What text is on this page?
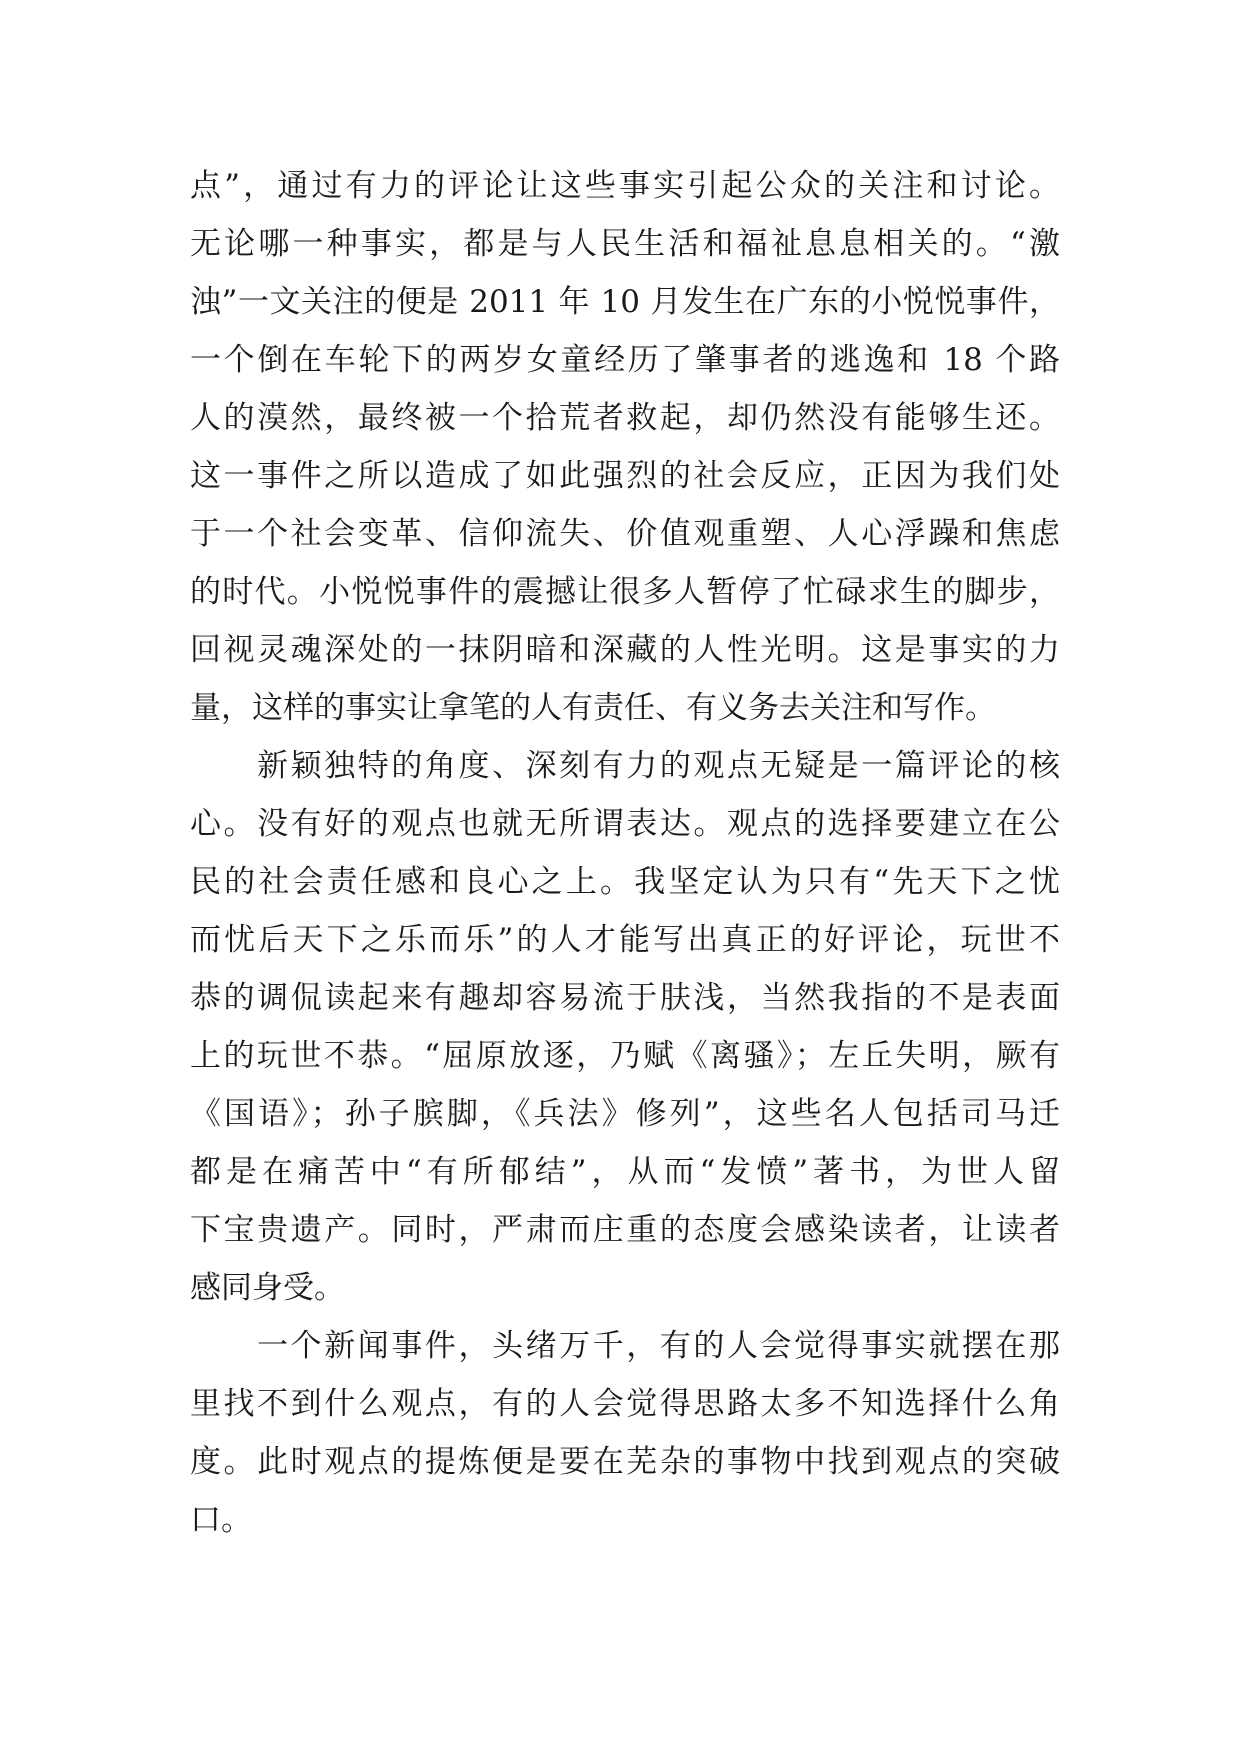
点”，通过有力的评论让这些事实引起公众的关注和讨论。
无论哪一种事实，都是与人民生活和福祉息息相关的。“激
浊”一文关注的便是 2011 年 10 月发生在广东的小悦悦事件，
一个倒在车轮下的两岁女童经历了肇事者的逃逸和 18 个路
人的漠然，最终被一个拾荒者救起，却仍然没有能够生还。
这一事件之所以造成了如此强烈的社会反应，正因为我们处
于一个社会变革、信仰流失、价值观重塑、人心浮躁和焦虑
的时代。小悦悦事件的震撼让很多人暂停了忙碌求生的脚步，
回视灵魂深处的一抹阴暗和深藏的人性光明。这是事实的力
量，这样的事实让拿笔的人有责任、有义务去关注和写作。
　　新颖独特的角度、深刻有力的观点无疑是一篇评论的核
心。没有好的观点也就无所谓表达。观点的选择要建立在公
民的社会责任感和良心之上。我坚定认为只有“先天下之忧
而忧后天下之乐而乐”的人才能写出真正的好评论，玩世不
恭的调侃读起来有趣却容易流于肤浅，当然我指的不是表面
上的玩世不恭。“屈原放逐，乃赋《离骚》；左丘失明，厥有
《国语》；孙子膑脚，《兵法》修列”，这些名人包括司马迁
都是在痛苦中“有所郁结”，从而“发愤”著书，为世人留
下宝贵遗产。同时，严肃而庄重的态度会感染读者，让读者
感同身受。
　　一个新闻事件，头绪万千，有的人会觉得事实就摆在那
里找不到什么观点，有的人会觉得思路太多不知选择什么角
度。此时观点的提炼便是要在芜杂的事物中找到观点的突破
口。
